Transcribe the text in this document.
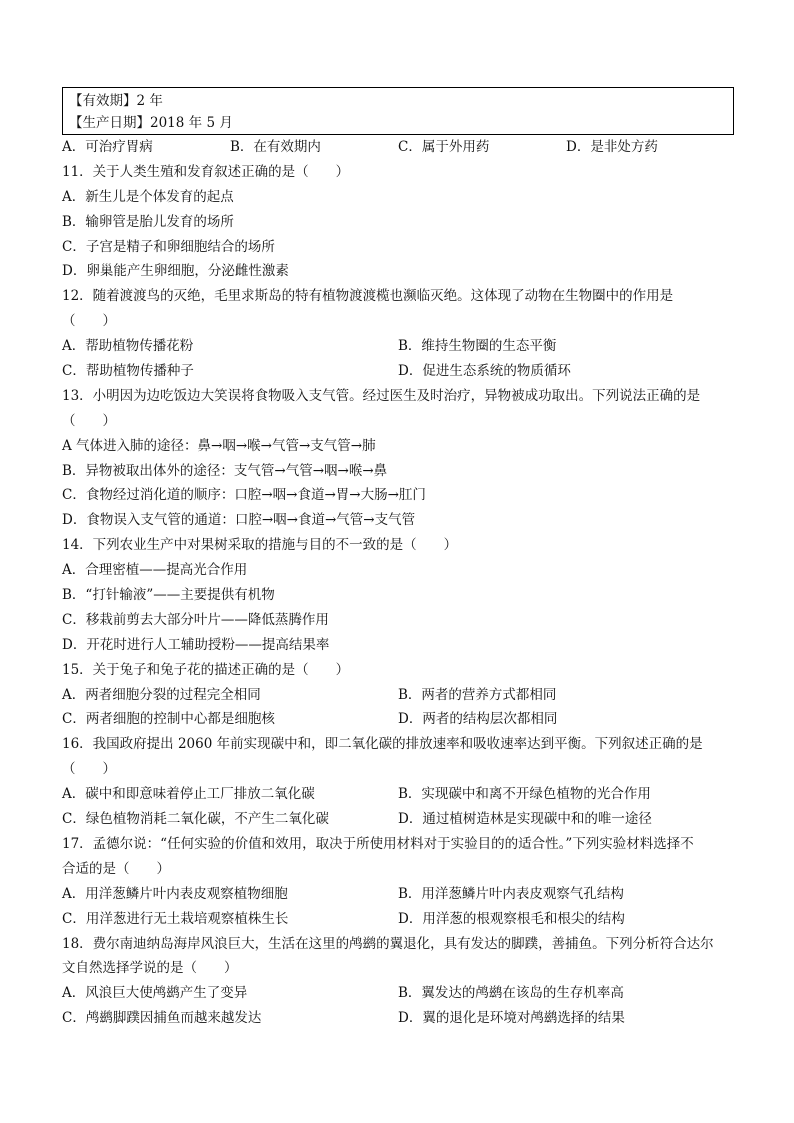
【有效期】2 年
【生产日期】2018 年 5 月
A．可治疗胃病	B．在有效期内	C．属于外用药	D．是非处方药
11．关于人类生殖和发育叙述正确的是（　　）
A．新生儿是个体发育的起点
B．输卵管是胎儿发育的场所
C．子宫是精子和卵细胞结合的场所
D．卵巢能产生卵细胞，分泌雌性激素
12．随着渡渡鸟的灭绝，毛里求斯岛的特有植物渡渡榄也濒临灭绝。这体现了动物在生物圈中的作用是
（　　）
A．帮助植物传播花粉	B．维持生物圈的生态平衡
C．帮助植物传播种子	D．促进生态系统的物质循环
13．小明因为边吃饭边大笑误将食物吸入支气管。经过医生及时治疗，异物被成功取出。下列说法正确的是
（　　）
A 气体进入肺的途径：鼻→咽→喉→气管→支气管→肺
B．异物被取出体外的途径：支气管→气管→咽→喉→鼻
C．食物经过消化道的顺序：口腔→咽→食道→胃→大肠→肛门
D．食物误入支气管的通道：口腔→咽→食道→气管→支气管
14．下列农业生产中对果树采取的措施与目的不一致的是（　　）
A．合理密植——提高光合作用
B．“打针输液”——主要提供有机物
C．移栽前剪去大部分叶片——降低蒸腾作用
D．开花时进行人工辅助授粉——提高结果率
15．关于兔子和兔子花的描述正确的是（　　）
A．两者细胞分裂的过程完全相同	B．两者的营养方式都相同
C．两者细胞的控制中心都是细胞核	D．两者的结构层次都相同
16．我国政府提出 2060 年前实现碳中和，即二氧化碳的排放速率和吸收速率达到平衡。下列叙述正确的是
（　　）
A．碳中和即意味着停止工厂排放二氧化碳	B．实现碳中和离不开绿色植物的光合作用
C．绿色植物消耗二氧化碳，不产生二氧化碳	D．通过植树造林是实现碳中和的唯一途径
17．孟德尔说：“任何实验的价值和效用，取决于所使用材料对于实验目的的适合性。”下列实验材料选择不
合适的是（　　）
A．用洋葱鳞片叶内表皮观察植物细胞	B．用洋葱鳞片叶内表皮观察气孔结构
C．用洋葱进行无土栽培观察植株生长	D．用洋葱的根观察根毛和根尖的结构
18．费尔南迪纳岛海岸风浪巨大，生活在这里的鸬鹚的翼退化，具有发达的脚蹼，善捕鱼。下列分析符合达尔
文自然选择学说的是（　　）
A．风浪巨大使鸬鹚产生了变异	B．翼发达的鸬鹚在该岛的生存机率高
C．鸬鹚脚蹼因捕鱼而越来越发达	D．翼的退化是环境对鸬鹚选择的结果
